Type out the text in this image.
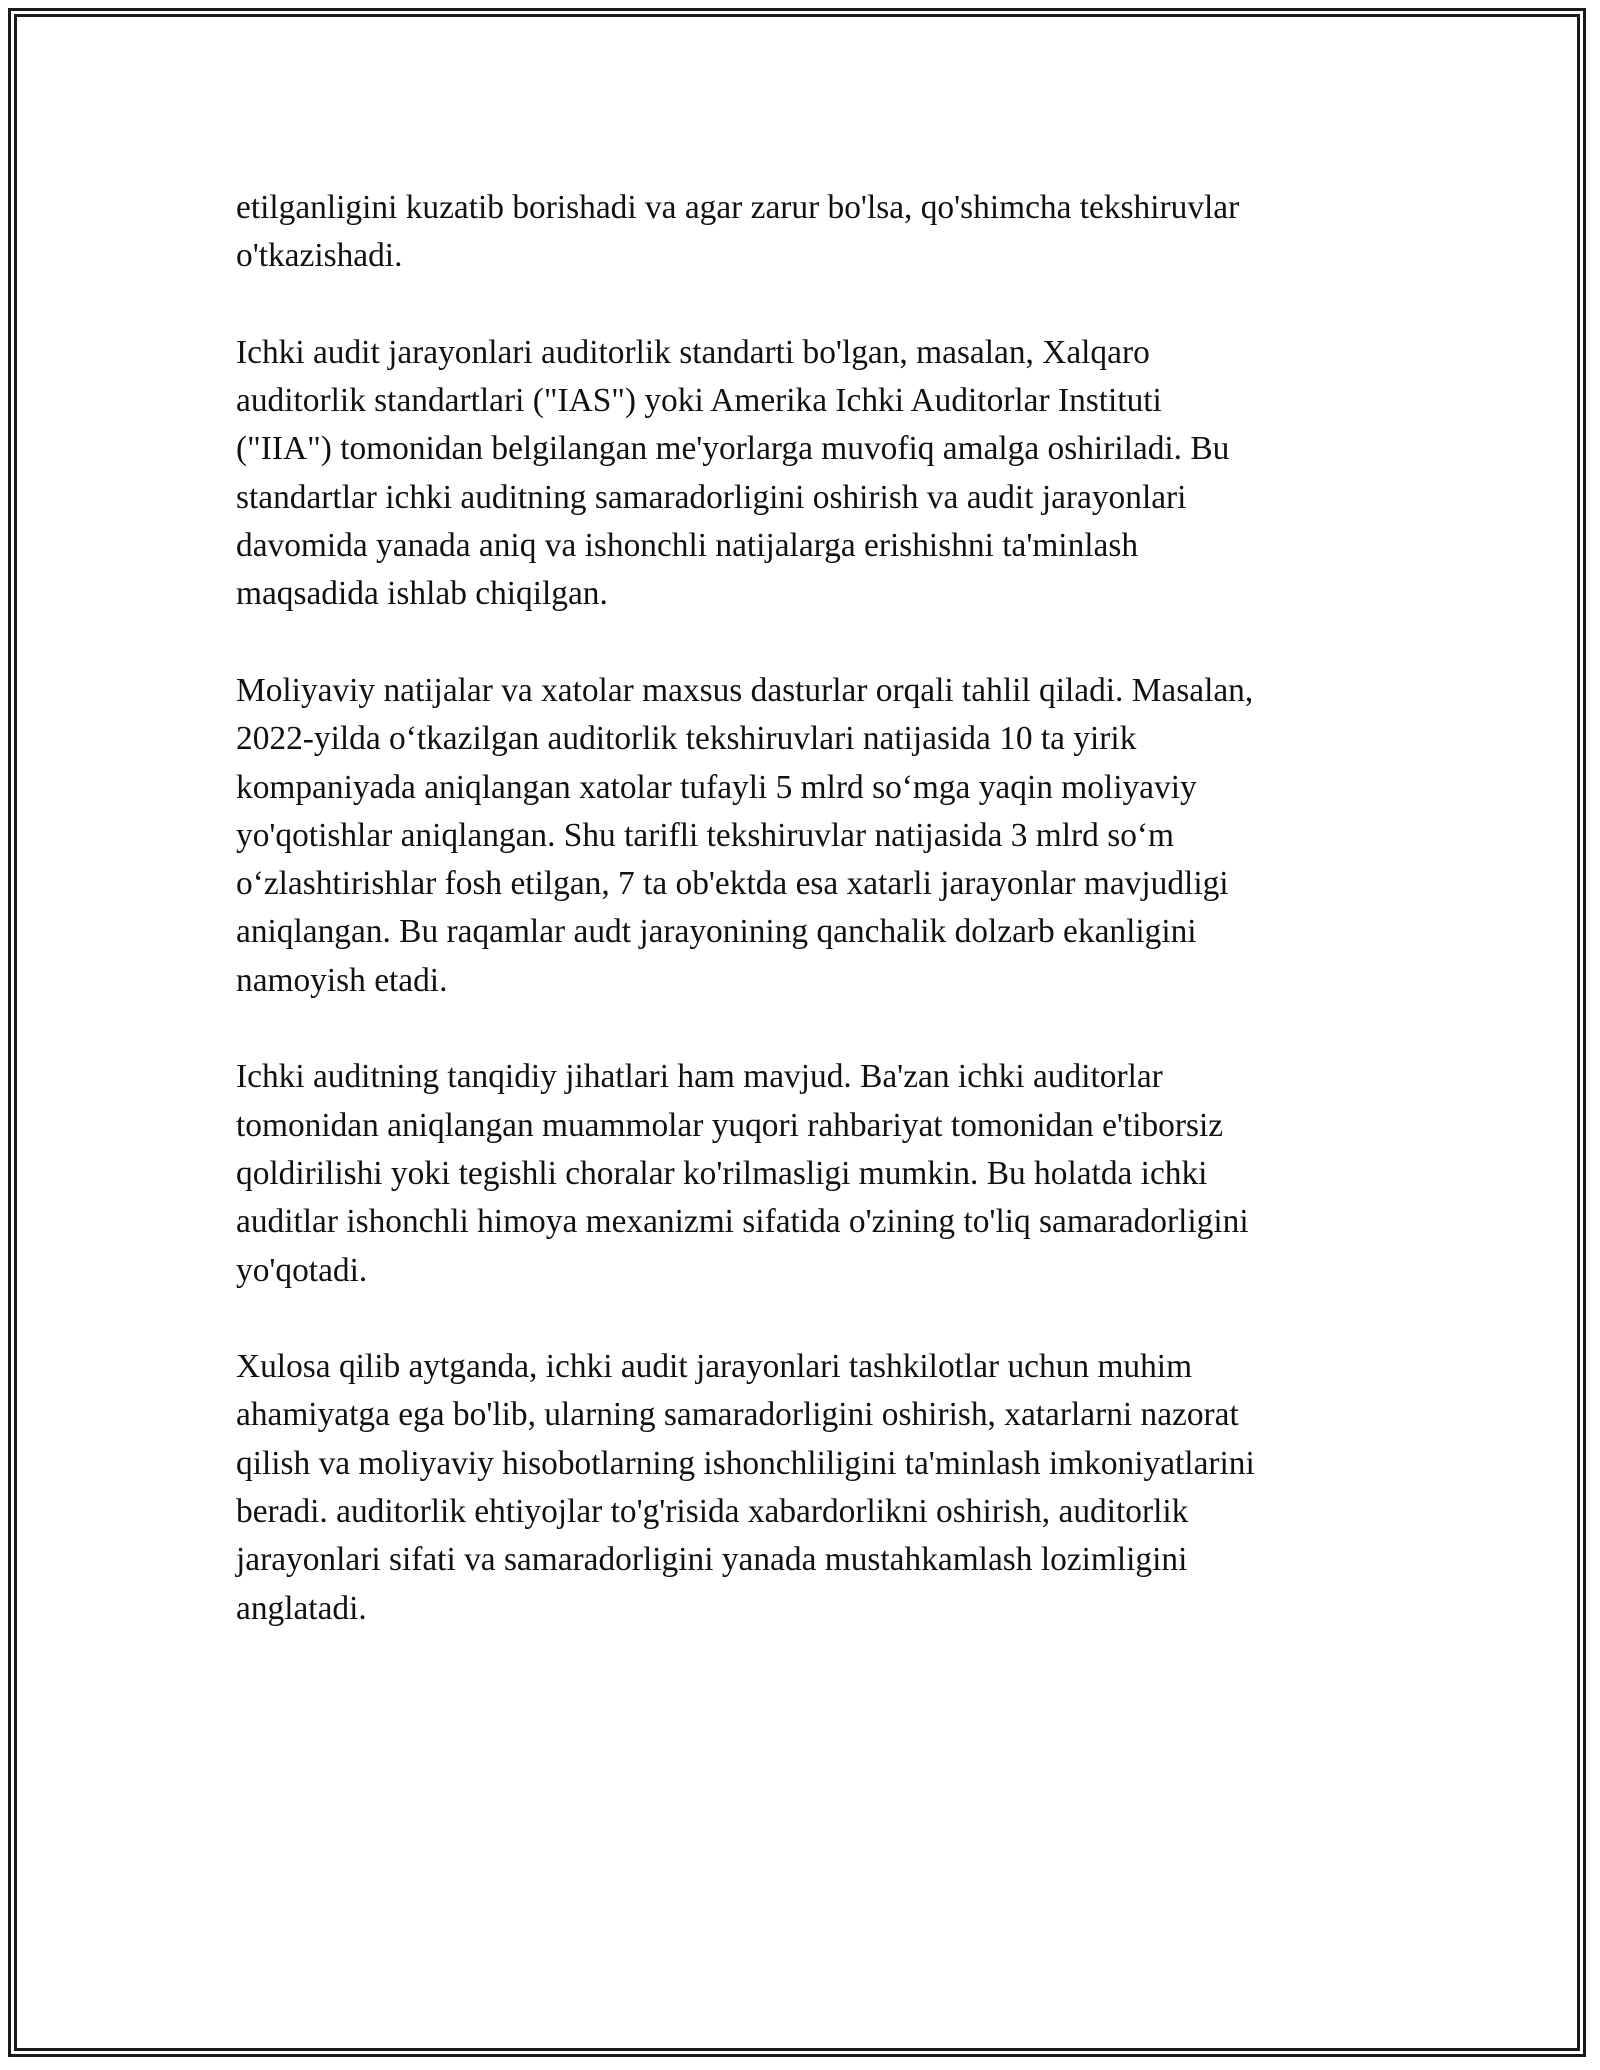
etilganligini kuzatib borishadi va agar zarur bo'lsa, qo'shimcha tekshiruvlar
o'tkazishadi.

Ichki audit jarayonlari auditorlik standarti bo'lgan, masalan, Xalqaro
auditorlik standartlari ("IAS") yoki Amerika Ichki Auditorlar Instituti
("IIA") tomonidan belgilangan me'yorlarga muvofiq amalga oshiriladi. Bu
standartlar ichki auditning samaradorligini oshirish va audit jarayonlari
davomida yanada aniq va ishonchli natijalarga erishishni ta'minlash
maqsadida ishlab chiqilgan.

Moliyaviy natijalar va xatolar maxsus dasturlar orqali tahlil qiladi. Masalan,
2022-yilda o‘tkazilgan auditorlik tekshiruvlari natijasida 10 ta yirik
kompaniyada aniqlangan xatolar tufayli 5 mlrd so‘mga yaqin moliyaviy
yo'qotishlar aniqlangan. Shu tarifli tekshiruvlar natijasida 3 mlrd so‘m
o‘zlashtirishlar fosh etilgan, 7 ta ob'ektda esa xatarli jarayonlar mavjudligi
aniqlangan. Bu raqamlar audt jarayonining qanchalik dolzarb ekanligini
namoyish etadi.

Ichki auditning tanqidiy jihatlari ham mavjud. Ba'zan ichki auditorlar
tomonidan aniqlangan muammolar yuqori rahbariyat tomonidan e'tiborsiz
qoldirilishi yoki tegishli choralar ko'rilmasligi mumkin. Bu holatda ichki
auditlar ishonchli himoya mexanizmi sifatida o'zining to'liq samaradorligini
yo'qotadi.

Xulosa qilib aytganda, ichki audit jarayonlari tashkilotlar uchun muhim
ahamiyatga ega bo'lib, ularning samaradorligini oshirish, xatarlarni nazorat
qilish va moliyaviy hisobotlarning ishonchliligini ta'minlash imkoniyatlarini
beradi. auditorlik ehtiyojlar to'g'risida xabardorlikni oshirish, auditorlik
jarayonlari sifati va samaradorligini yanada mustahkamlash lozimligini
anglatadi.
